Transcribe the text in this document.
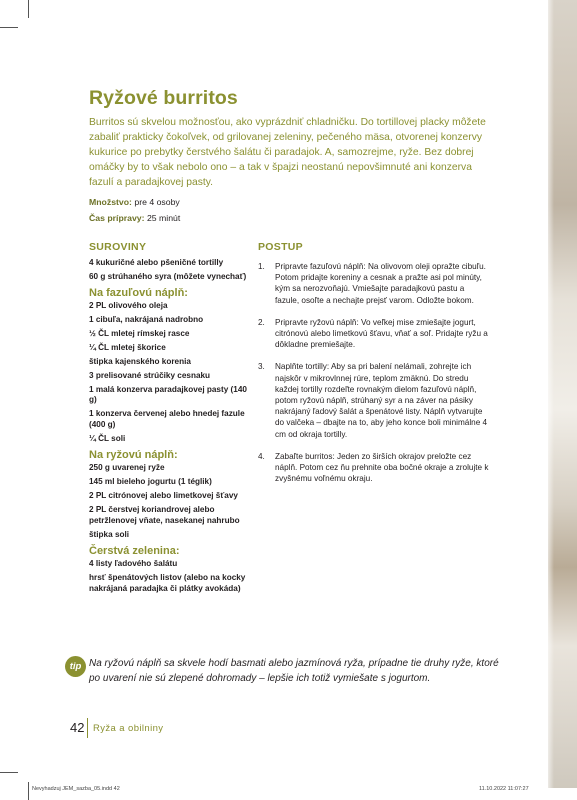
Ryžové burritos

Burritos sú skvelou možnosťou, ako vyprázdniť chladničku. Do tortillovej placky môžete zabaliť prakticky čokoľvek, od grilovanej zeleniny, pečeného mäsa, otvorenej konzervy kukurice po prebytky čerstvého šalátu či paradajok. A, samozrejme, ryže. Bez dobrej omáčky by to však nebolo ono – a tak v špajzi neostanú nepovšimnuté ani konzerva fazulí a paradajkovej pasty.

Množstvo: pre 4 osoby
Čas prípravy: 25 minút
SUROVINY	POSTUP
4 kukuričné alebo pšeničné tortilly
60 g strúhaného syra (môžete vynechať)
Na fazuľovú náplň:
2 PL olivového oleja
1 cibuľa, nakrájaná nadrobno
½ ČL mletej rímskej rasce
¼ ČL mletej škorice
štipka kajenského korenia
3 prelisované strúčiky cesnaku
1 malá konzerva paradajkovej pasty (140 g)
1 konzerva červenej alebo hnedej fazule (400 g)
¼ ČL soli
Na ryžovú náplň:
250 g uvarenej ryže
145 ml bieleho jogurtu (1 téglik)
2 PL citrónovej alebo limetkovej šťavy
2 PL čerstvej koriandrovej alebo petržlenovej vňate, nasekanej nahrubo
štipka soli
Čerstvá zelenina:
4 listy ľadového šalátu
hrsť špenátových listov (alebo na kocky nakrájaná paradajka či plátky avokáda)
1. Pripravte fazuľovú náplň: Na olivovom oleji opražte cibuľu. Potom pridajte koreniny a cesnak a pražte asi pol minúty, kým sa nerozvoňajú. Vmiešajte paradajkovú pastu a fazule, osoľte a nechajte prejsť varom. Odložte bokom.
2. Pripravte ryžovú náplň: Vo veľkej mise zmiešajte jogurt, citrónovú alebo limetkovú šťavu, vňať a soľ. Pridajte ryžu a dôkladne premiešajte.
3. Naplňte tortilly: Aby sa pri balení nelámali, zohrejte ich najskôr v mikrovlnnej rúre, teplom zmäknú. Do stredu každej tortilly rozdeľte rovnakým dielom fazuľovú náplň, potom ryžovú náplň, strúhaný syr a na záver na pásiky nakrájaný ľadový šalát a špenátové listy. Náplň vytvarujte do valčeka – dbajte na to, aby jeho konce boli minimálne 4 cm od okraja tortilly.
4. Zabaľte burritos: Jeden zo širších okrajov preložte cez náplň. Potom cez ňu prehnite oba bočné okraje a zrolujte k zvyšnému voľnému okraju.
tip Na ryžovú náplň sa skvele hodí basmati alebo jazmínová ryža, prípadne tie druhy ryže, ktoré po uvarení nie sú zlepené dohromady – lepšie ich totiž vymiešate s jogurtom.
42 Ryža a obilniny
Nevyhadzuj JEM_sazba_05.indd 42	11.10.2022 11:07:27
